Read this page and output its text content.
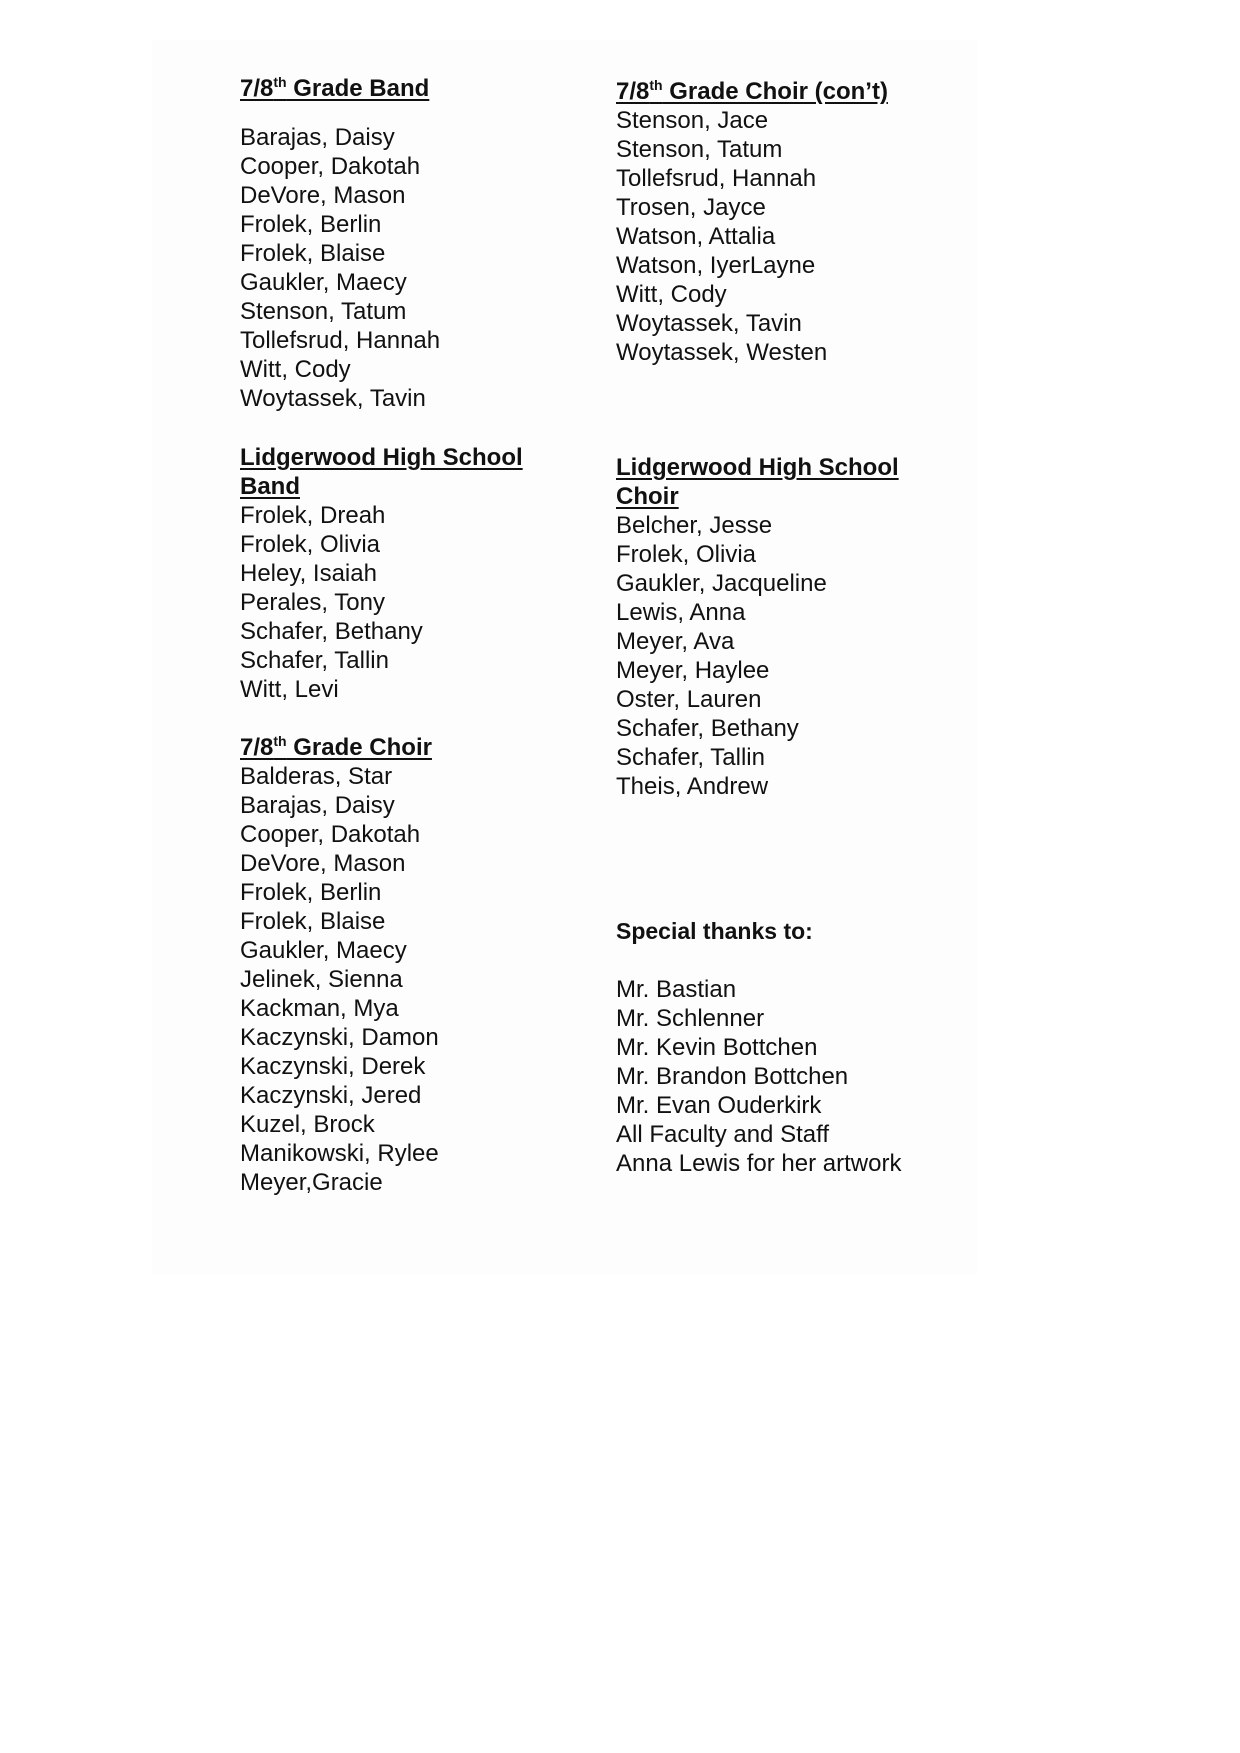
7/8th Grade Band
Barajas, Daisy
Cooper, Dakotah
DeVore, Mason
Frolek, Berlin
Frolek, Blaise
Gaukler, Maecy
Stenson, Tatum
Tollefsrud, Hannah
Witt, Cody
Woytassek, Tavin
Lidgerwood High School
Band
Frolek, Dreah
Frolek, Olivia
Heley, Isaiah
Perales, Tony
Schafer, Bethany
Schafer, Tallin
Witt, Levi
7/8th Grade Choir
Balderas, Star
Barajas, Daisy
Cooper, Dakotah
DeVore, Mason
Frolek, Berlin
Frolek, Blaise
Gaukler, Maecy
Jelinek, Sienna
Kackman, Mya
Kaczynski, Damon
Kaczynski, Derek
Kaczynski, Jered
Kuzel, Brock
Manikowski, Rylee
Meyer,Gracie
7/8th Grade Choir (con’t)
Stenson, Jace
Stenson, Tatum
Tollefsrud, Hannah
Trosen, Jayce
Watson, Attalia
Watson, IyerLayne
Witt, Cody
Woytassek, Tavin
Woytassek, Westen
Lidgerwood High School
Choir
Belcher, Jesse
Frolek, Olivia
Gaukler, Jacqueline
Lewis, Anna
Meyer, Ava
Meyer, Haylee
Oster, Lauren
Schafer, Bethany
Schafer, Tallin
Theis, Andrew
Special thanks to:
Mr. Bastian
Mr. Schlenner
Mr. Kevin Bottchen
Mr. Brandon Bottchen
Mr. Evan Ouderkirk
All Faculty and Staff
Anna Lewis for her artwork
